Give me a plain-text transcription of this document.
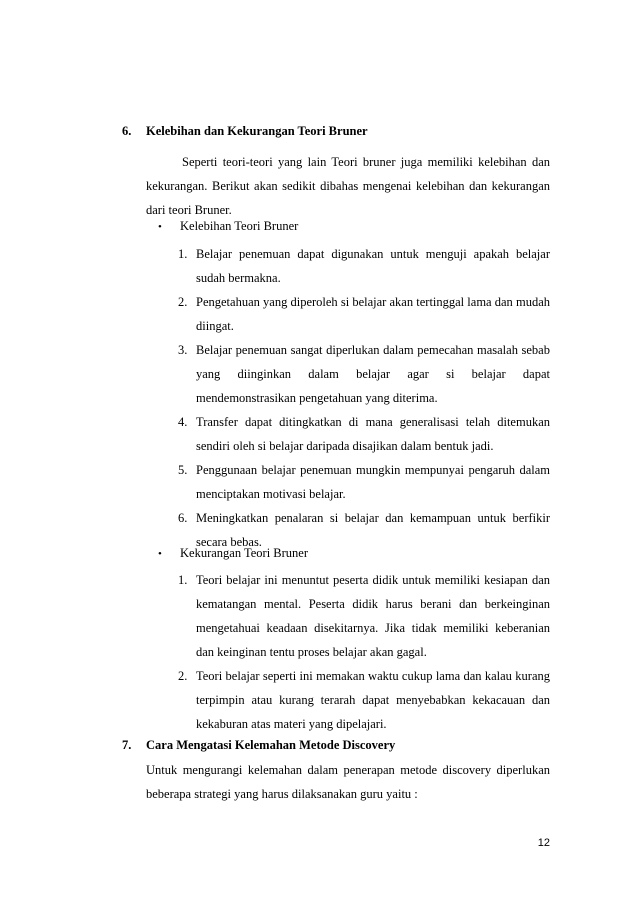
6. Kelebihan dan Kekurangan Teori Bruner

Seperti teori-teori yang lain Teori bruner juga memiliki kelebihan dan kekurangan. Berikut akan sedikit dibahas mengenai kelebihan dan kekurangan dari teori Bruner.

• Kelebihan Teori Bruner
1. Belajar penemuan dapat digunakan untuk menguji apakah belajar sudah bermakna.
2. Pengetahuan yang diperoleh si belajar akan tertinggal lama dan mudah diingat.
3. Belajar penemuan sangat diperlukan dalam pemecahan masalah sebab yang diinginkan dalam belajar agar si belajar dapat mendemonstrasikan pengetahuan yang diterima.
4. Transfer dapat ditingkatkan di mana generalisasi telah ditemukan sendiri oleh si belajar daripada disajikan dalam bentuk jadi.
5. Penggunaan belajar penemuan mungkin mempunyai pengaruh dalam menciptakan motivasi belajar.
6. Meningkatkan penalaran si belajar dan kemampuan untuk berfikir secara bebas.
• Kekurangan Teori Bruner
1. Teori belajar ini menuntut peserta didik untuk memiliki kesiapan dan kematangan mental. Peserta didik harus berani dan berkeinginan mengetahuai keadaan disekitarnya. Jika tidak memiliki keberanian dan keinginan tentu proses belajar akan gagal.
2. Teori belajar seperti ini memakan waktu cukup lama dan kalau kurang terpimpin atau kurang terarah dapat menyebabkan kekacauan dan kekaburan atas materi yang dipelajari.
7. Cara Mengatasi Kelemahan Metode Discovery
Untuk mengurangi kelemahan dalam penerapan metode discovery diperlukan beberapa strategi yang harus dilaksanakan guru yaitu :
12
